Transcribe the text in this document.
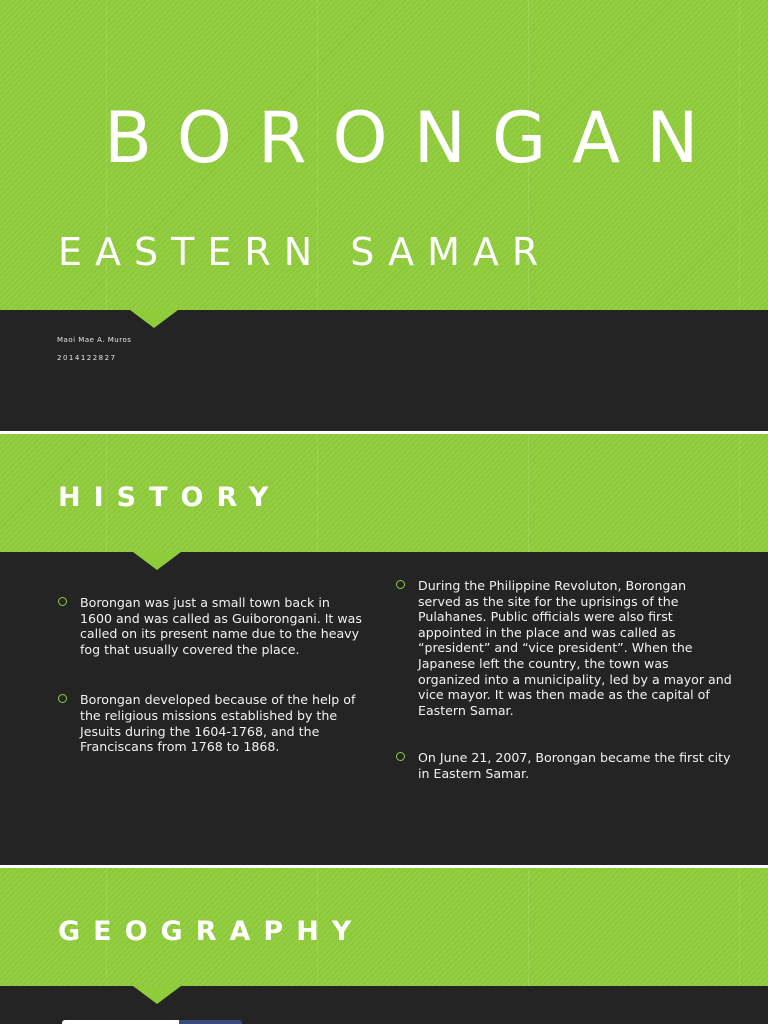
BORONGAN
EASTERN SAMAR
Maoi Mae A. Muros
2014122827
HISTORY
Borongan was just a small town back in 1600 and was called as Guiborongani. It was called on its present name due to the heavy fog that usually covered the place.
Borongan developed because of the help of the religious missions established by the Jesuits during the 1604-1768, and the Franciscans from 1768 to 1868.
During the Philippine Revoluton, Borongan served as the site for the uprisings of the Pulahanes. Public officials were also first appointed in the place and was called as “president” and “vice president”. When the Japanese left the country, the town was organized into a municipality, led by a mayor and vice mayor. It was then made as the capital of Eastern Samar.
On June 21, 2007, Borongan became the first city in Eastern Samar.
GEOGRAPHY
